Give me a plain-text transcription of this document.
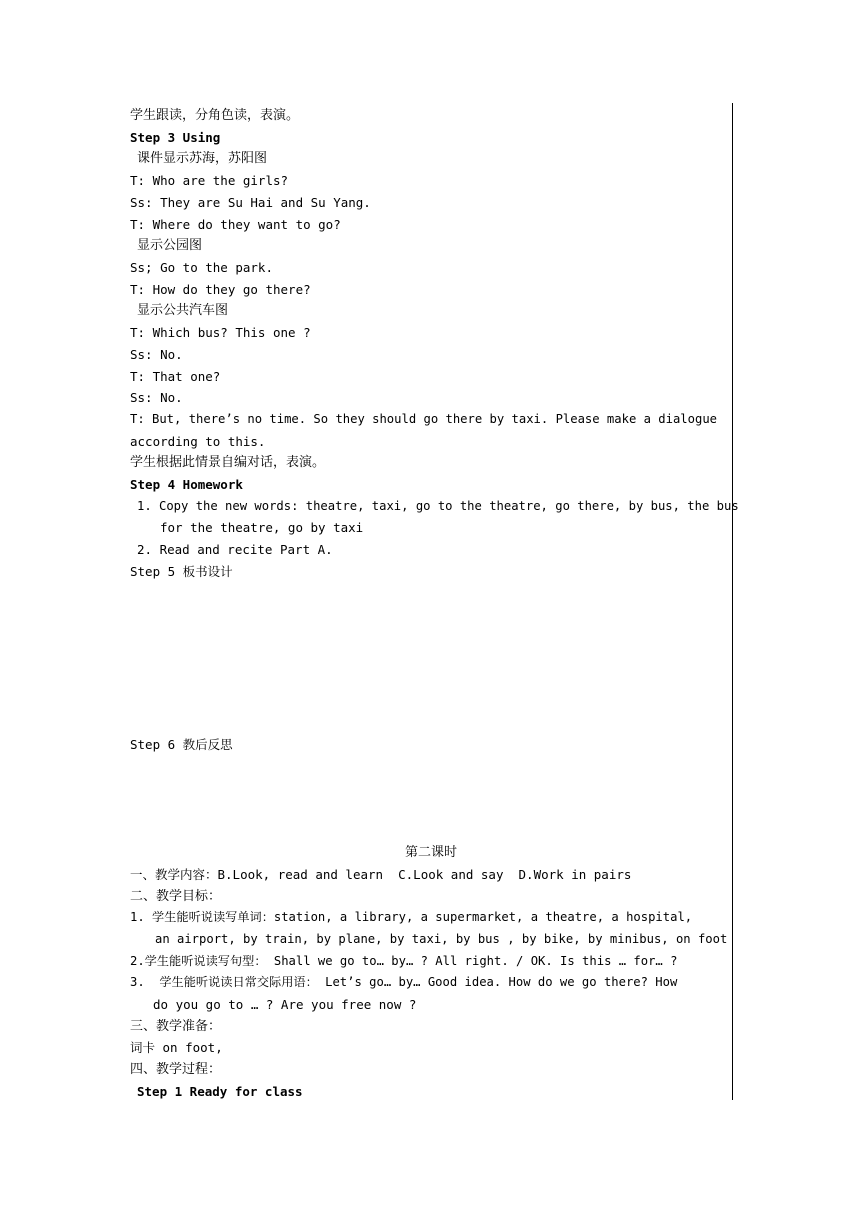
学生跟读，分角色读，表演。
Step 3 Using
课件显示苏海，苏阳图
T: Who are the girls?
Ss: They are Su Hai and Su Yang.
T: Where do they want to go?
显示公园图
Ss; Go to the park.
T: How do they go there?
显示公共汽车图
T: Which bus? This one ?
Ss: No.
T: That one?
Ss: No.
T: But, there’s no time. So they should go there by taxi. Please make a dialogue
according to this.
学生根据此情景自编对话，表演。
Step 4 Homework
1. Copy the new words: theatre, taxi, go to the theatre, go there, by bus, the bus
for the theatre, go by taxi
2. Read and recite Part A.
Step 5 板书设计
Step 6 教后反思
第二课时
一、教学内容：B.Look, read and learn  C.Look and say  D.Work in pairs
二、教学目标：
1. 学生能听说读写单词：station, a library, a supermarket, a theatre, a hospital,
an airport, by train, by plane, by taxi, by bus , by bike, by minibus, on foot
2.学生能听说读写句型： Shall we go to… by… ? All right. / OK. Is this … for… ?
3.  学生能听说读日常交际用语： Let’s go… by… Good idea. How do we go there? How
do you go to … ? Are you free now ?
三、教学准备：
词卡 on foot,
四、教学过程：
Step 1 Ready for class
